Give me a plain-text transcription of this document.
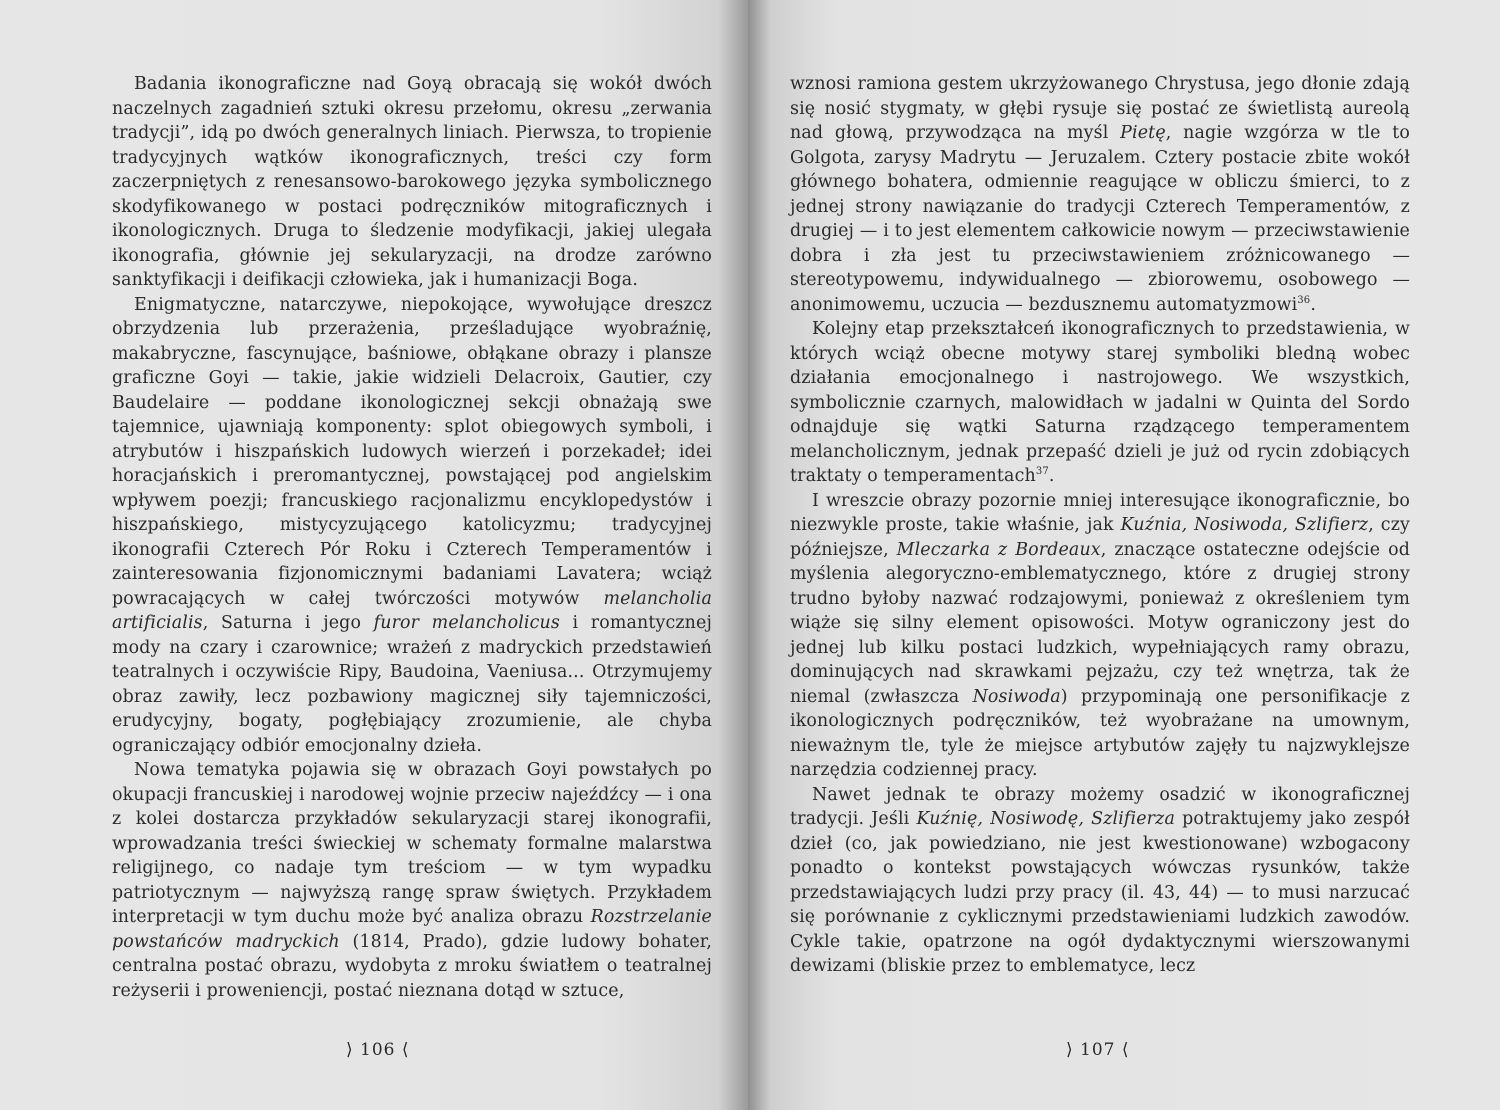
Badania ikonograficzne nad Goyą obracają się wokół dwóch naczelnych zagadnień sztuki okresu przełomu, okresu „zerwania tradycji”, idą po dwóch generalnych liniach. Pierwsza, to tropienie tradycyjnych wątków ikonograficznych, treści czy form zaczerpniętych z renesansowo-barokowego języka symbolicznego skodyfikowanego w postaci podręczników mitograficznych i ikonologicznych. Druga to śledzenie modyfikacji, jakiej ulegała ikonografia, głównie jej sekularyzacji, na drodze zarówno sanktyfikacji i deifikacji człowieka, jak i humanizacji Boga.

Enigmatyczne, natarczywe, niepokojące, wywołujące dreszcz obrzydzenia lub przerażenia, prześladujące wyobraźnię, makabryczne, fascynujące, baśniowe, obłąkane obrazy i plansze graficzne Goyi — takie, jakie widzieli Delacroix, Gautier, czy Baudelaire — poddane ikonologicznej sekcji obnażają swe tajemnice, ujawniają komponenty: splot obiegowych symboli, i atrybutów i hiszpańskich ludowych wierzeń i porzekadeł; idei horacjańskich i preromantycznej, powstającej pod angielskim wpływem poezji; francuskiego racjonalizmu encyklopedystów i hiszpańskiego, mistycyzującego katolicyzmu; tradycyjnej ikonografii Czterech Pór Roku i Czterech Temperamentów i zainteresowania fizjonomicznymi badaniami Lavatera; wciąż powracających w całej twórczości motywów melancholia artificialis, Saturna i jego furor melancholicus i romantycznej mody na czary i czarownice; wrażeń z madryckich przedstawień teatralnych i oczywiście Ripy, Baudoina, Vaeniusa... Otrzymujemy obraz zawiły, lecz pozbawiony magicznej siły tajemniczości, erudycyjny, bogaty, pogłębiający zrozumienie, ale chyba ograniczający odbiór emocjonalny dzieła.

Nowa tematyka pojawia się w obrazach Goyi powstałych po okupacji francuskiej i narodowej wojnie przeciw najeźdźcy — i ona z kolei dostarcza przykładów sekularyzacji starej ikonografii, wprowadzania treści świeckiej w schematy formalne malarstwa religijnego, co nadaje tym treściom — w tym wypadku patriotycznym — najwyższą rangę spraw świętych. Przykładem interpretacji w tym duchu może być analiza obrazu Rozstrzelanie powstańców madryckich (1814, Prado), gdzie ludowy bohater, centralna postać obrazu, wydobyta z mroku światłem o teatralnej reżyserii i proweniencji, postać nieznana dotąd w sztuce,

⟩ 106 ⟨

wznosi ramiona gestem ukrzyżowanego Chrystusa, jego dłonie zdają się nosić stygmaty, w głębi rysuje się postać ze świetlistą aureolą nad głową, przywodząca na myśl Pietę, nagie wzgórza w tle to Golgota, zarysy Madrytu — Jeruzalem. Cztery postacie zbite wokół głównego bohatera, odmiennie reagujące w obliczu śmierci, to z jednej strony nawiązanie do tradycji Czterech Temperamentów, z drugiej — i to jest elementem całkowicie nowym — przeciwstawienie dobra i zła jest tu przeciwstawieniem zróżnicowanego — stereotypowemu, indywidualnego — zbiorowemu, osobowego — anonimowemu, uczucia — bezdusznemu automatyzmowi$^{36}$.

Kolejny etap przekształceń ikonograficznych to przedstawienia, w których wciąż obecne motywy starej symboliki bledną wobec działania emocjonalnego i nastrojowego. We wszystkich, symbolicznie czarnych, malowidłach w jadalni w Quinta del Sordo odnajduje się wątki Saturna rządzącego temperamentem melancholicznym, jednak przepaść dzieli je już od rycin zdobiących traktaty o temperamentach$^{37}$.

I wreszcie obrazy pozornie mniej interesujące ikonograficznie, bo niezwykle proste, takie właśnie, jak Kuźnia, Nosiwoda, Szlifierz, czy późniejsze, Mleczarka z Bordeaux, znaczące ostateczne odejście od myślenia alegoryczno-emblematycznego, które z drugiej strony trudno byłoby nazwać rodzajowymi, ponieważ z określeniem tym wiąże się silny element opisowości. Motyw ograniczony jest do jednej lub kilku postaci ludzkich, wypełniających ramy obrazu, dominujących nad skrawkami pejzażu, czy też wnętrza, tak że niemal (zwłaszcza Nosiwoda) przypominają one personifikacje z ikonologicznych podręczników, też wyobrażane na umownym, nieważnym tle, tyle że miejsce artybutów zajęły tu najzwyklejsze narzędzia codziennej pracy.

Nawet jednak te obrazy możemy osadzić w ikonograficznej tradycji. Jeśli Kuźnię, Nosiwodę, Szlifierza potraktujemy jako zespół dzieł (co, jak powiedziano, nie jest kwestionowane) wzbogacony ponadto o kontekst powstających wówczas rysunków, także przedstawiających ludzi przy pracy (il. 43, 44) — to musi narzucać się porównanie z cyklicznymi przedstawieniami ludzkich zawodów. Cykle takie, opatrzone na ogół dydaktycznymi wierszowanymi dewizami (bliskie przez to emblematyce, lecz

⟩ 107 ⟨
